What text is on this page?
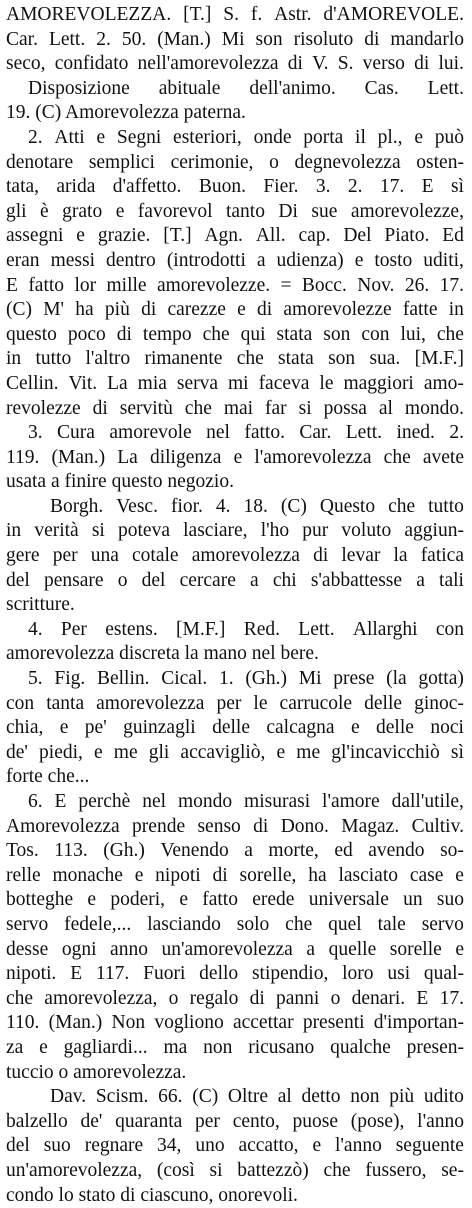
AMOREVOLEZZA. [T.] S. f. Astr. d'AMOREVOLE.
Car. Lett. 2. 50. (Man.) Mi son risoluto di mandarlo
seco, confidato nell'amorevolezza di V. S. verso di lui.
Disposizione abituale dell'animo. Cas. Lett.
19. (C) Amorevolezza paterna.
2. Atti e Segni esteriori, onde porta il pl., e può
denotare semplici cerimonie, o degnevolezza osten-
tata, arida d'affetto. Buon. Fier. 3. 2. 17. E sì
gli è grato e favorevol tanto Di sue amorevolezze,
assegni e grazie. [T.] Agn. All. cap. Del Piato. Ed
eran messi dentro (introdotti a udienza) e tosto uditi,
E fatto lor mille amorevolezze. = Bocc. Nov. 26. 17.
(C) M' ha più di carezze e di amorevolezze fatte in
questo poco di tempo che qui stata son con lui, che
in tutto l'altro rimanente che stata son sua. [M.F.]
Cellin. Vit. La mia serva mi faceva le maggiori amo-
revolezze di servitù che mai far si possa al mondo.
3. Cura amorevole nel fatto. Car. Lett. ined. 2.
119. (Man.) La diligenza e l'amorevolezza che avete
usata a finire questo negozio.
Borgh. Vesc. fior. 4. 18. (C) Questo che tutto
in verità si poteva lasciare, l'ho pur voluto aggiun-
gere per una cotale amorevolezza di levar la fatica
del pensare o del cercare a chi s'abbattesse a tali
scritture.
4. Per estens. [M.F.] Red. Lett. Allarghi con
amorevolezza discreta la mano nel bere.
5. Fig. Bellin. Cical. 1. (Gh.) Mi prese (la gotta)
con tanta amorevolezza per le carrucole delle ginoc-
chia, e pe' guinzagli delle calcagna e delle noci
de' piedi, e me gli accavigliò, e me gl'incavicchiò sì
forte che...
6. E perchè nel mondo misurasi l'amore dall'utile,
Amorevolezza prende senso di Dono. Magaz. Cultiv.
Tos. 113. (Gh.) Venendo a morte, ed avendo so-
relle monache e nipoti di sorelle, ha lasciato case e
botteghe e poderi, e fatto erede universale un suo
servo fedele,... lasciando solo che quel tale servo
desse ogni anno un'amorevolezza a quelle sorelle e
nipoti. E 117. Fuori dello stipendio, loro usi qual-
che amorevolezza, o regalo di panni o denari. E 17.
110. (Man.) Non vogliono accettar presenti d'importan-
za e gagliardi... ma non ricusano qualche presen-
tuccio o amorevolezza.
Dav. Scism. 66. (C) Oltre al detto non più udito
balzello de' quaranta per cento, puose (pose), l'anno
del suo regnare 34, uno accatto, e l'anno seguente
un'amorevolezza, (così si battezzò) che fussero, se-
condo lo stato di ciascuno, onorevoli.
